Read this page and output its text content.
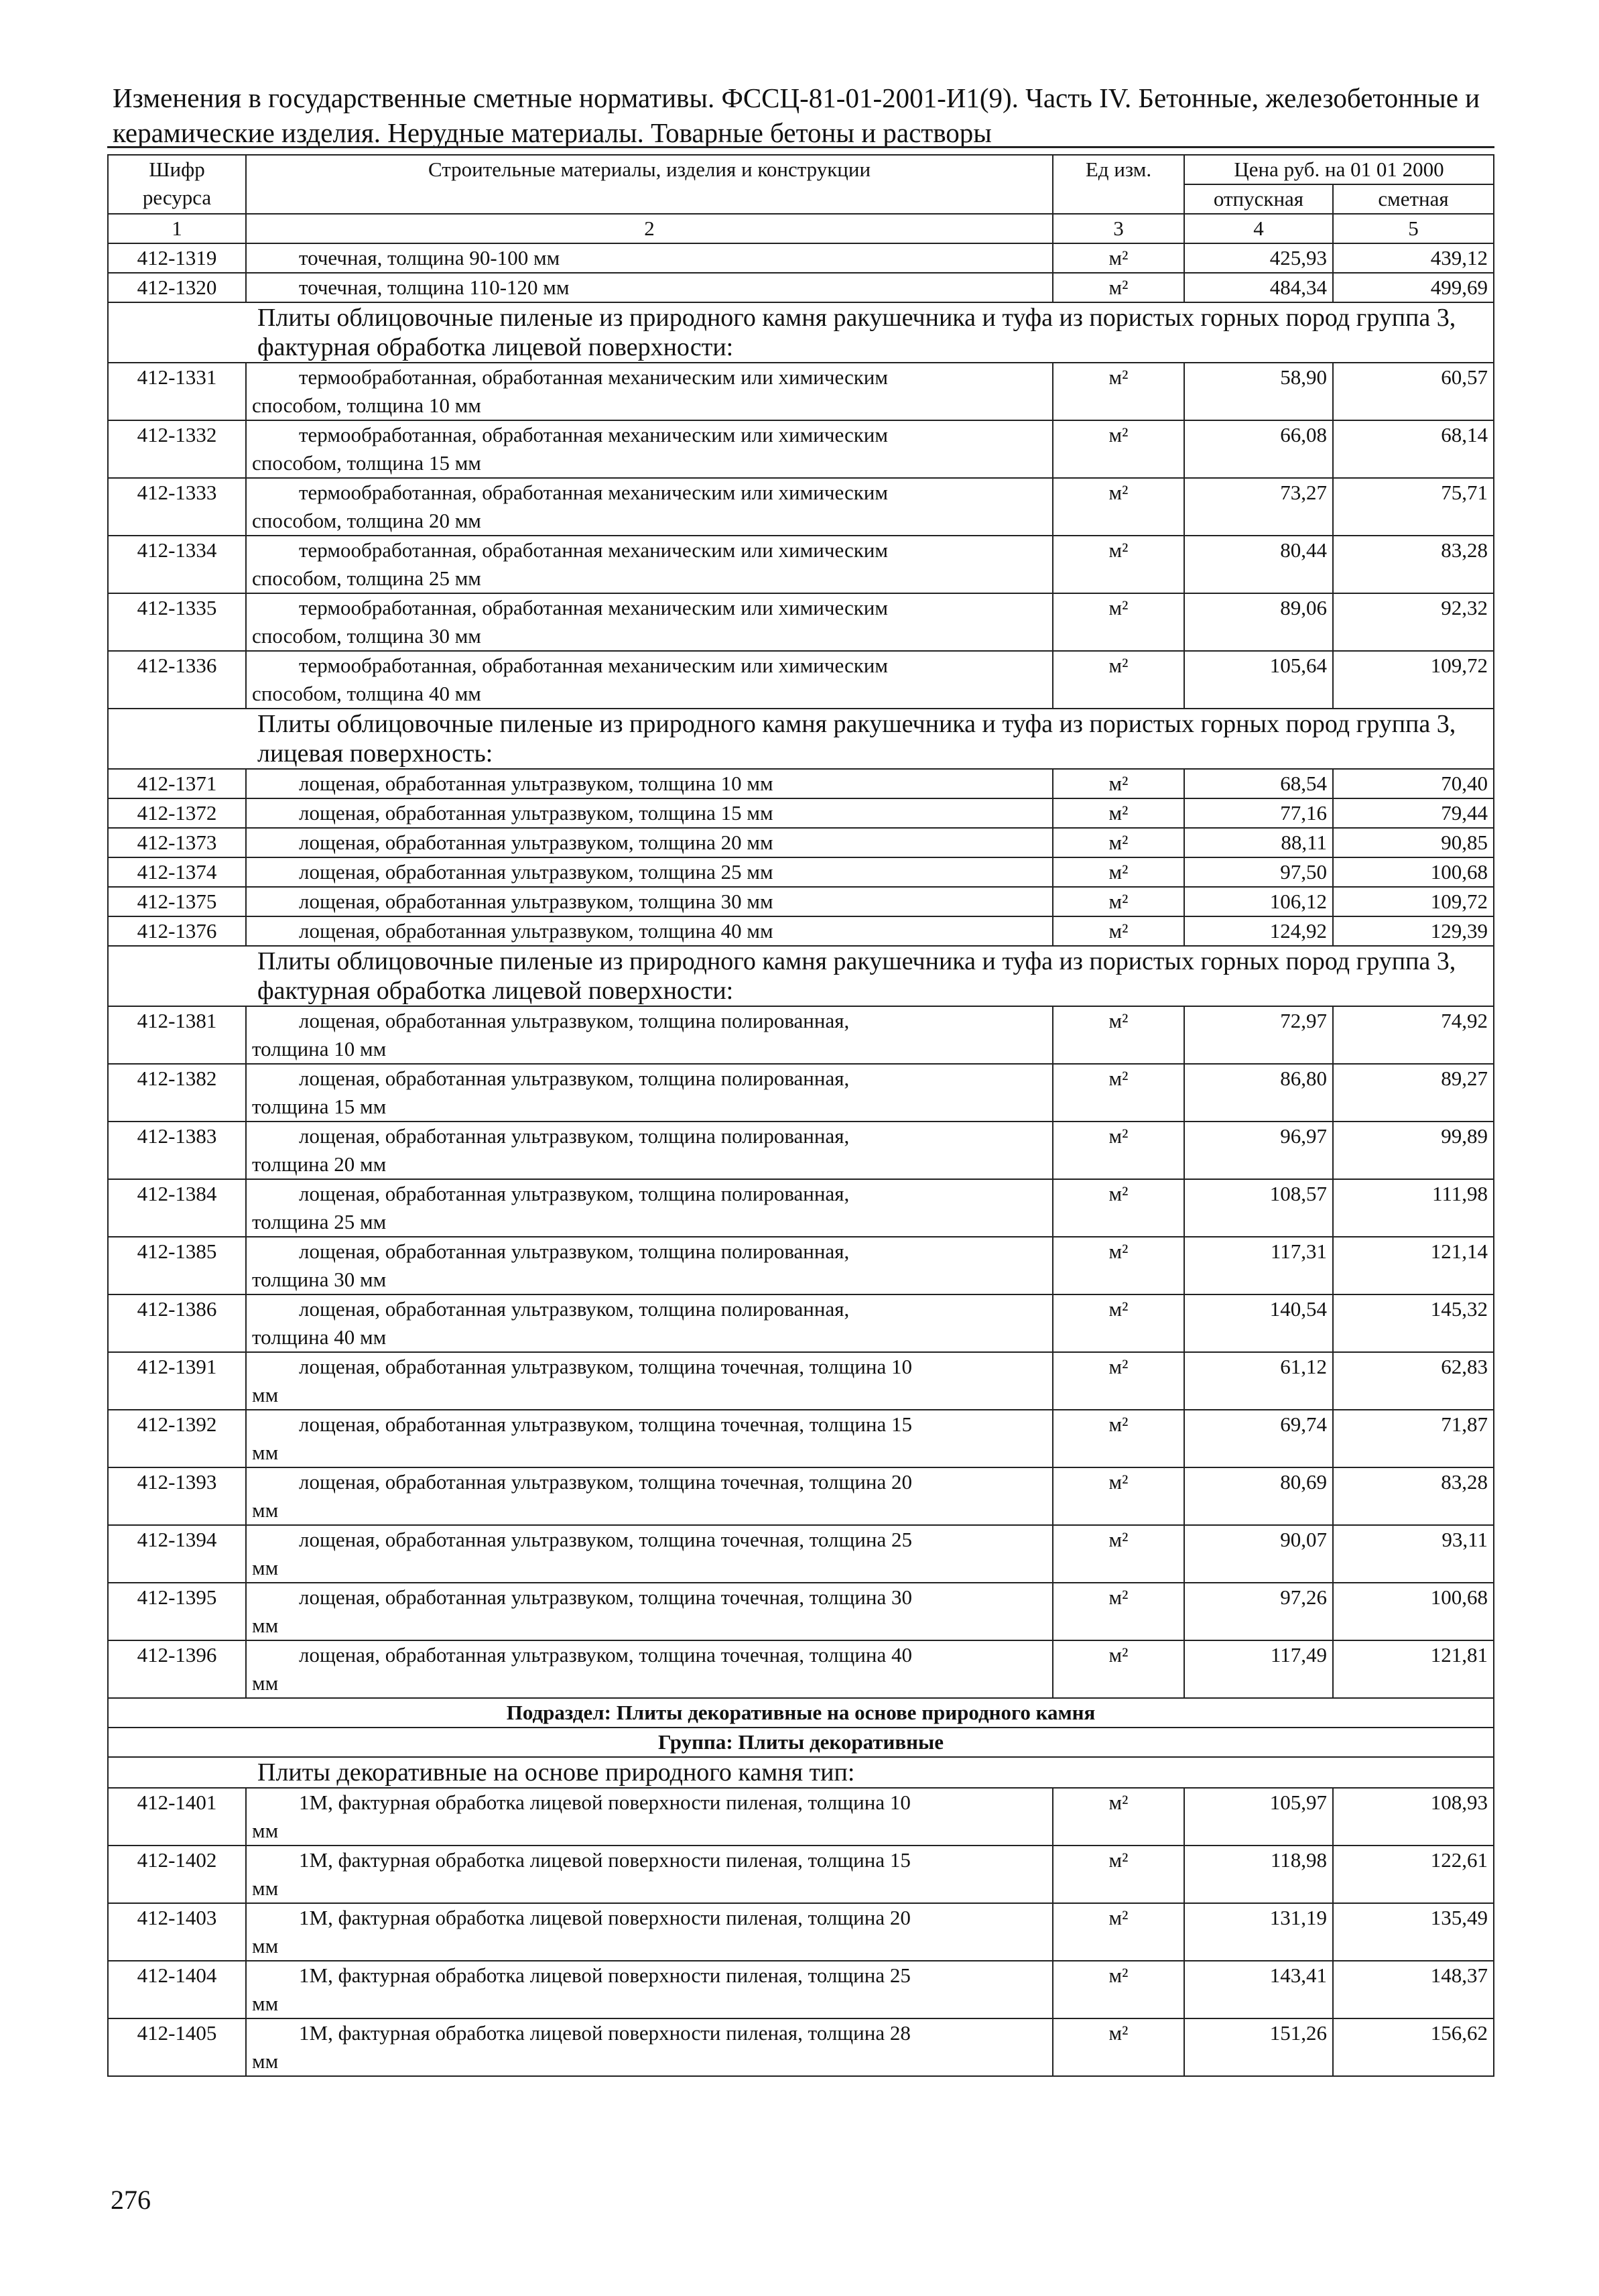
Изменения в государственные сметные нормативы. ФССЦ-81-01-2001-И1(9). Часть IV. Бетонные, железобетонные и
керамические изделия. Нерудные материалы. Товарные бетоны и растворы
Шифр ресурса	Строительные материалы, изделия и конструкции	Ед изм.	Цена руб. на 01 01 2000	
			отпускная	сметная
1	2	3	4	5
412-1319	точечная, толщина 90-100 мм	м²	425,93	439,12
412-1320	точечная, толщина 110-120 мм	м²	484,34	499,69
Плиты облицовочные пиленые из природного камня ракушечника и туфа из пористых горных пород группа 3, фактурная обработка лицевой поверхности:				
412-1331	термообработанная, обработанная механическим или химическим
способом, толщина 10 мм	м²	58,90	60,57
412-1332	термообработанная, обработанная механическим или химическим
способом, толщина 15 мм	м²	66,08	68,14
412-1333	термообработанная, обработанная механическим или химическим
способом, толщина 20 мм	м²	73,27	75,71
412-1334	термообработанная, обработанная механическим или химическим
способом, толщина 25 мм	м²	80,44	83,28
412-1335	термообработанная, обработанная механическим или химическим
способом, толщина 30 мм	м²	89,06	92,32
412-1336	термообработанная, обработанная механическим или химическим
способом, толщина 40 мм	м²	105,64	109,72
Плиты облицовочные пиленые из природного камня ракушечника и туфа из пористых горных пород группа 3, лицевая поверхность:				
412-1371	лощеная, обработанная ультразвуком, толщина 10 мм	м²	68,54	70,40
412-1372	лощеная, обработанная ультразвуком, толщина 15 мм	м²	77,16	79,44
412-1373	лощеная, обработанная ультразвуком, толщина 20 мм	м²	88,11	90,85
412-1374	лощеная, обработанная ультразвуком, толщина 25 мм	м²	97,50	100,68
412-1375	лощеная, обработанная ультразвуком, толщина 30 мм	м²	106,12	109,72
412-1376	лощеная, обработанная ультразвуком, толщина 40 мм	м²	124,92	129,39
Плиты облицовочные пиленые из природного камня ракушечника и туфа из пористых горных пород группа 3, фактурная обработка лицевой поверхности:				
412-1381	лощеная, обработанная ультразвуком, толщина полированная,
толщина 10 мм	м²	72,97	74,92
412-1382	лощеная, обработанная ультразвуком, толщина полированная,
толщина 15 мм	м²	86,80	89,27
412-1383	лощеная, обработанная ультразвуком, толщина полированная,
толщина 20 мм	м²	96,97	99,89
412-1384	лощеная, обработанная ультразвуком, толщина полированная,
толщина 25 мм	м²	108,57	111,98
412-1385	лощеная, обработанная ультразвуком, толщина полированная,
толщина 30 мм	м²	117,31	121,14
412-1386	лощеная, обработанная ультразвуком, толщина полированная,
толщина 40 мм	м²	140,54	145,32
412-1391	лощеная, обработанная ультразвуком, толщина точечная, толщина 10
мм	м²	61,12	62,83
412-1392	лощеная, обработанная ультразвуком, толщина точечная, толщина 15
мм	м²	69,74	71,87
412-1393	лощеная, обработанная ультразвуком, толщина точечная, толщина 20
мм	м²	80,69	83,28
412-1394	лощеная, обработанная ультразвуком, толщина точечная, толщина 25
мм	м²	90,07	93,11
412-1395	лощеная, обработанная ультразвуком, толщина точечная, толщина 30
мм	м²	97,26	100,68
412-1396	лощеная, обработанная ультразвуком, толщина точечная, толщина 40
мм	м²	117,49	121,81
Подраздел: Плиты декоративные на основе природного камня				
Группа: Плиты декоративные				
Плиты декоративные на основе природного камня тип:				
412-1401	1М, фактурная обработка лицевой поверхности пиленая, толщина 10
мм	м²	105,97	108,93
412-1402	1М, фактурная обработка лицевой поверхности пиленая, толщина 15
мм	м²	118,98	122,61
412-1403	1М, фактурная обработка лицевой поверхности пиленая, толщина 20
мм	м²	131,19	135,49
412-1404	1М, фактурная обработка лицевой поверхности пиленая, толщина 25
мм	м²	143,41	148,37
412-1405	1М, фактурная обработка лицевой поверхности пиленая, толщина 28
мм	м²	151,26	156,62
276
